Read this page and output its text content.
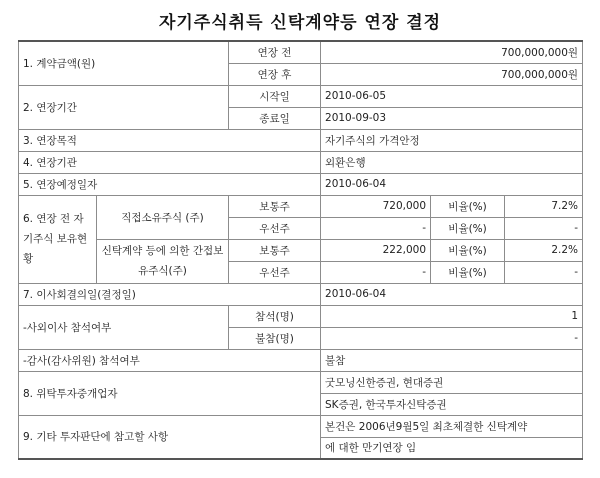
자기주식취득 신탁계약등 연장 결정
1. 계약금액(원)		연장 전	700,000,000원		
		연장 후	700,000,000원		
2. 연장기간		시작일	2010-06-05		
		종료일	2010-09-03		
3. 연장목적			자기주식의 가격안정		
4. 연장기관			외환은행		
5. 연장예정일자			2010-06-04		
6. 연장 전 자기주식 보유현황	직접소유주식 (주)	보통주	720,000	비율(%)	7.2%
		우선주	-	비율(%)	-
	신탁계약 등에 의한 간접보유주식(주)	보통주	222,000	비율(%)	2.2%
		우선주	-	비율(%)	-
7. 이사회결의일(결정일)			2010-06-04		
-사외이사 참석여부		참석(명)	1		
		불참(명)	-		
-감사(감사위원) 참석여부			불참		
8. 위탁투자중개업자			굿모닝신한증권, 현대증권		
			SK증권, 한국투자신탁증권		
9. 기타 투자판단에 참고할 사항			본건은 2006년9월5일 최초체결한 신탁계약		
			에 대한 만기연장 임		
